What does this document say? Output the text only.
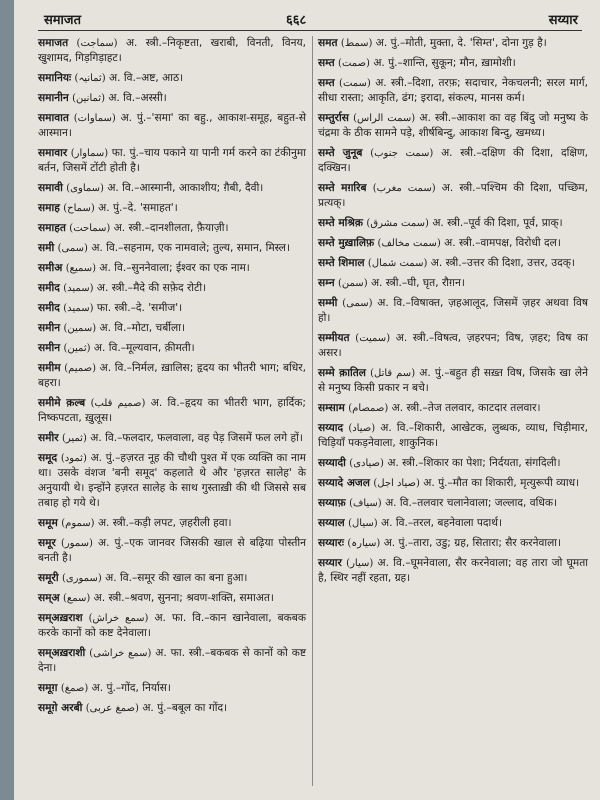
समाजत	६६८	सय्यार

समाजत (سماجت) अ. स्त्री.–निकृष्टता, खराबी, विनती, विनय, खुशामद, गिड़गिड़ाहट।

समानियः (ثمانیہ) अ. वि.–अष्ट, आठ।

समानीन (ثمانین) अ. वि.–अस्सी।

समावात (سماوات) अ. पुं.–'समा' का बहु., आकाश-समूह, बहुत-से आस्मान।

समावार (سماوار) फा. पुं.–चाय पकाने या पानी गर्म करने का टंकीनुमा बर्तन, जिसमें टोंटी होती है।

समावी (سماوی) अ. वि.–आस्मानी, आकाशीय; ग़ैबी, दैवी।

समाह (سماح) अ. पुं.–दे. 'समाहत'।

समाहत (سماحت) अ. स्त्री.–दानशीलता, फ़ैयाज़ी।

समी (سمی) अ. वि.–सहनाम, एक नामवाले; तुल्य, समान, मिस्ल।

समीअ (سمیع) अ. वि.–सुननेवाला; ईश्वर का एक नाम।

समीद (سمید) अ. स्त्री.–मैदे की सफ़ेद रोटी।

समीद (سمید) फा. स्त्री.–दे. 'समीज'।

समीन (سمین) अ. वि.–मोटा, चर्बीला।

समीन (ثمین) अ. वि.–मूल्यवान, क़ीमती।

समीम (صمیم) अ. वि.–निर्मल, ख़ालिस; हृदय का भीतरी भाग; बधिर, बहरा।

समीमे क़ल्ब (صمیم قلب) अ. वि.–हृदय का भीतरी भाग, हार्दिक; निष्कपटता, ख़ुलूस।

समीर (ثمیر) अ. वि.–फलदार, फलवाला, वह पेड़ जिसमें फल लगे हों।

समूद (ثمود) अ. पुं.–हज़रत नूह की चौथी पुश्त में एक व्यक्ति का नाम था। उसके वंशज 'बनी समूद' कहलाते थे और 'हज़रत सालेह' के अनुयायी थे। इन्होंने हज़रत सालेह के साथ गुस्ताख़ी की थी जिससे सब तबाह हो गये थे।

समूम (سموم) अ. स्त्री.–कड़ी लपट, ज़हरीली हवा।

समूर (سمور) अ. पुं.–एक जानवर जिसकी खाल से बढ़िया पोस्तीन बनती है।

समूरी (سموری) अ. वि.–समूर की खाल का बना हुआ।

सम्अ (سمع) अ. स्त्री.–श्रवण, सुनना; श्रवण-शक्ति, समाअत।

सम्अख़राश (سمع خراش) अ. फा. वि.–कान खानेवाला, बकबक करके कानों को कष्ट देनेवाला।

सम्अख़राशी (سمع خراشی) अ. फा. स्त्री.–बकबक से कानों को कष्ट देना।

समूग़ (صمغ) अ. पुं.–गोंद, निर्यास।

समूग़े अरबी (صمغ عربی) अ. पुं.–बबूल का गोंद।

समत (سمط) अ. पुं.–मोती, मुक्ता, दे. 'सिम्त', दोना गुड़ है।

सम्त (صمت) अ. पुं.–शान्ति, सुकून; मौन, ख़ामोशी।

सम्त (سمت) अ. स्त्री.–दिशा, तरफ़; सदाचार, नेकचलनी; सरल मार्ग, सीधा रास्ता; आकृति, ढंग; इरादा, संकल्प, मानस कर्म।

सम्तुर्रास (سمت الراس) अ. स्त्री.–आकाश का वह बिंदु जो मनुष्य के चंद्रमा के ठीक सामने पड़े, शीर्षबिन्दु, आकाश बिन्दु, खमध्य।

सम्ते जुनूब (سمت جنوب) अ. स्त्री.–दक्षिण की दिशा, दक्षिण, दक्खिन।

सम्ते मग़रिब (سمت مغرب) अ. स्त्री.–पश्चिम की दिशा, पच्छिम, प्रत्यक्।

सम्ते मश्रिक़ (سمت مشرق) अ. स्त्री.–पूर्व की दिशा, पूर्व, प्राक्।

सम्ते मुख़ालिफ़ (سمت مخالف) अ. स्त्री.–वामपक्ष, विरोधी दल।

सम्ते शिमाल (سمت شمال) अ. स्त्री.–उत्तर की दिशा, उत्तर, उदक्।

सम्न (سمن) अ. स्त्री.–घी, घृत, रौग़न।

सम्मी (سمی) अ. वि.–विषाक्त, ज़हआलूद, जिसमें ज़हर अथवा विष हो।

सम्मीयत (سمیت) अ. स्त्री.–विषत्व, ज़हरपन; विष, ज़हर; विष का असर।

सम्मे क़ातिल (سم قاتل) अ. पुं.–बहुत ही सख़्त विष, जिसके खा लेने से मनुष्य किसी प्रकार न बचे।

सम्साम (صمصام) अ. स्त्री.–तेज तलवार, काटदार तलवार।

सय्याद (صیاد) अ. वि.–शिकारी, आखेटक, लुब्धक, व्याध, चिड़ीमार, चिड़ियाँ पकड़नेवाला, शाकुनिक।

सय्यादी (صیادی) अ. स्त्री.–शिकार का पेशा; निर्दयता, संगदिली।

सय्यादे अजल (صیاد اجل) अ. पुं.–मौत का शिकारी, मृत्युरूपी व्याध।

सय्याफ़ (سیاف) अ. वि.–तलवार चलानेवाला; जल्लाद, वधिक।

सय्याल (سیال) अ. वि.–तरल, बहनेवाला पदार्थ।

सय्यारः (سیارہ) अ. पुं.–तारा, उडु; ग्रह, सितारा; सैर करनेवाला।

सय्यार (سیار) अ. वि.–घूमनेवाला, सैर करनेवाला; वह तारा जो घूमता है, स्थिर नहीं रहता, ग्रह।
